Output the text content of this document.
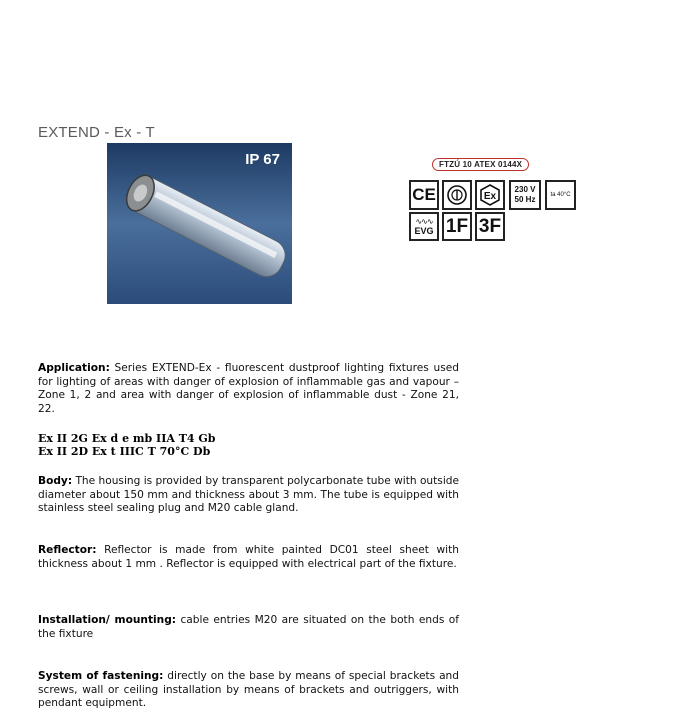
EXTEND - Ex - T
IP 67	FTZÚ 10 ATEX 0144X
CE	Ex
230 V
50 Hz	ta 40°C
∿∿∿
EVG 1F 3F
Application: Series EXTEND-Ex - fluorescent dustproof lighting fixtures used for lighting of areas with danger of explosion of inflammable gas and vapour – Zone 1, 2 and area with danger of explosion of inflammable dust - Zone 21, 22.
Ex II 2G Ex d e mb IIA T4 Gb
Ex II 2D Ex t IIIC T 70°C Db
Body: The housing is provided by transparent polycarbonate tube with outside diameter about 150 mm and thickness about 3 mm. The tube is equipped with stainless steel sealing plug and M20 cable gland.
Reflector: Reflector is made from white painted DC01 steel sheet with thickness about 1 mm . Reflector is equipped with electrical part of the fixture.
Installation/ mounting: cable entries M20 are situated on the both ends of the fixture
System of fastening: directly on the base by means of special brackets and screws, wall or ceiling installation by means of brackets and outriggers, with pendant equipment.
